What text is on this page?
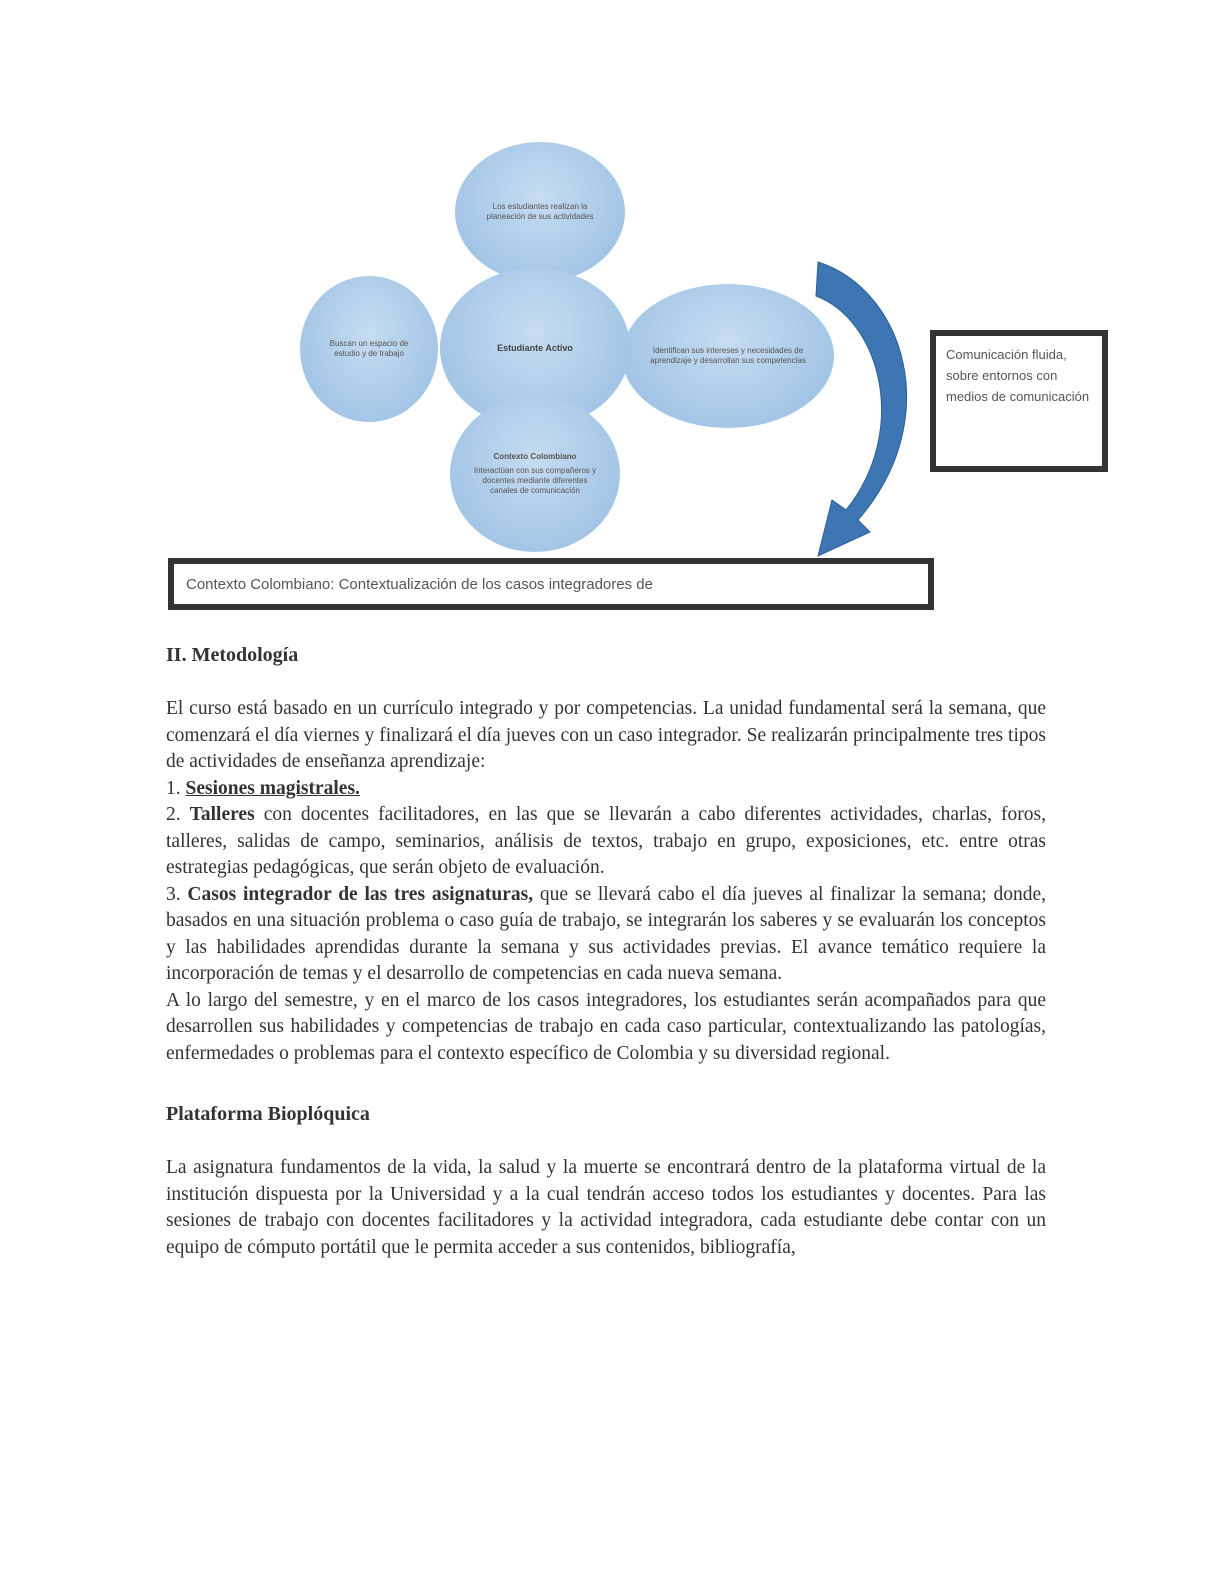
Los estudiantes realizan la planeación de sus actividades
Buscan un espacio de estudio y de trabajo	Identifican sus intereses y necesidades de aprendizaje y desarrollan sus competencias
Estudiante Activo
Contexto Colombiano
Interactúan con sus compañeros y docentes mediante diferentes canales de comunicación
Comunicación fluida, sobre entornos con medios de comunicación
Contexto Colombiano: Contextualización de los casos integradores de
II. Metodología

El curso está basado en un currículo integrado y por competencias. La unidad fundamental será la semana, que comenzará el día viernes y finalizará el día jueves con un caso integrador. Se realizarán principalmente tres tipos de actividades de enseñanza aprendizaje:

1. Sesiones magistrales.

2. Talleres con docentes facilitadores, en las que se llevarán a cabo diferentes actividades, charlas, foros, talleres, salidas de campo, seminarios, análisis de textos, trabajo en grupo, exposiciones, etc. entre otras estrategias pedagógicas, que serán objeto de evaluación.

3. Casos integrador de las tres asignaturas, que se llevará cabo el día jueves al finalizar la semana; donde, basados en una situación problema o caso guía de trabajo, se integrarán los saberes y se evaluarán los conceptos y las habilidades aprendidas durante la semana y sus actividades previas. El avance temático requiere la incorporación de temas y el desarrollo de competencias en cada nueva semana.

A lo largo del semestre, y en el marco de los casos integradores, los estudiantes serán acompañados para que desarrollen sus habilidades y competencias de trabajo en cada caso particular, contextualizando las patologías, enfermedades o problemas para el contexto específico de Colombia y su diversidad regional.

Plataforma Bioplóquica

La asignatura fundamentos de la vida, la salud y la muerte se encontrará dentro de la plataforma virtual de la institución dispuesta por la Universidad y a la cual tendrán acceso todos los estudiantes y docentes. Para las sesiones de trabajo con docentes facilitadores y la actividad integradora, cada estudiante debe contar con un equipo de cómputo portátil que le permita acceder a sus contenidos, bibliografía,
